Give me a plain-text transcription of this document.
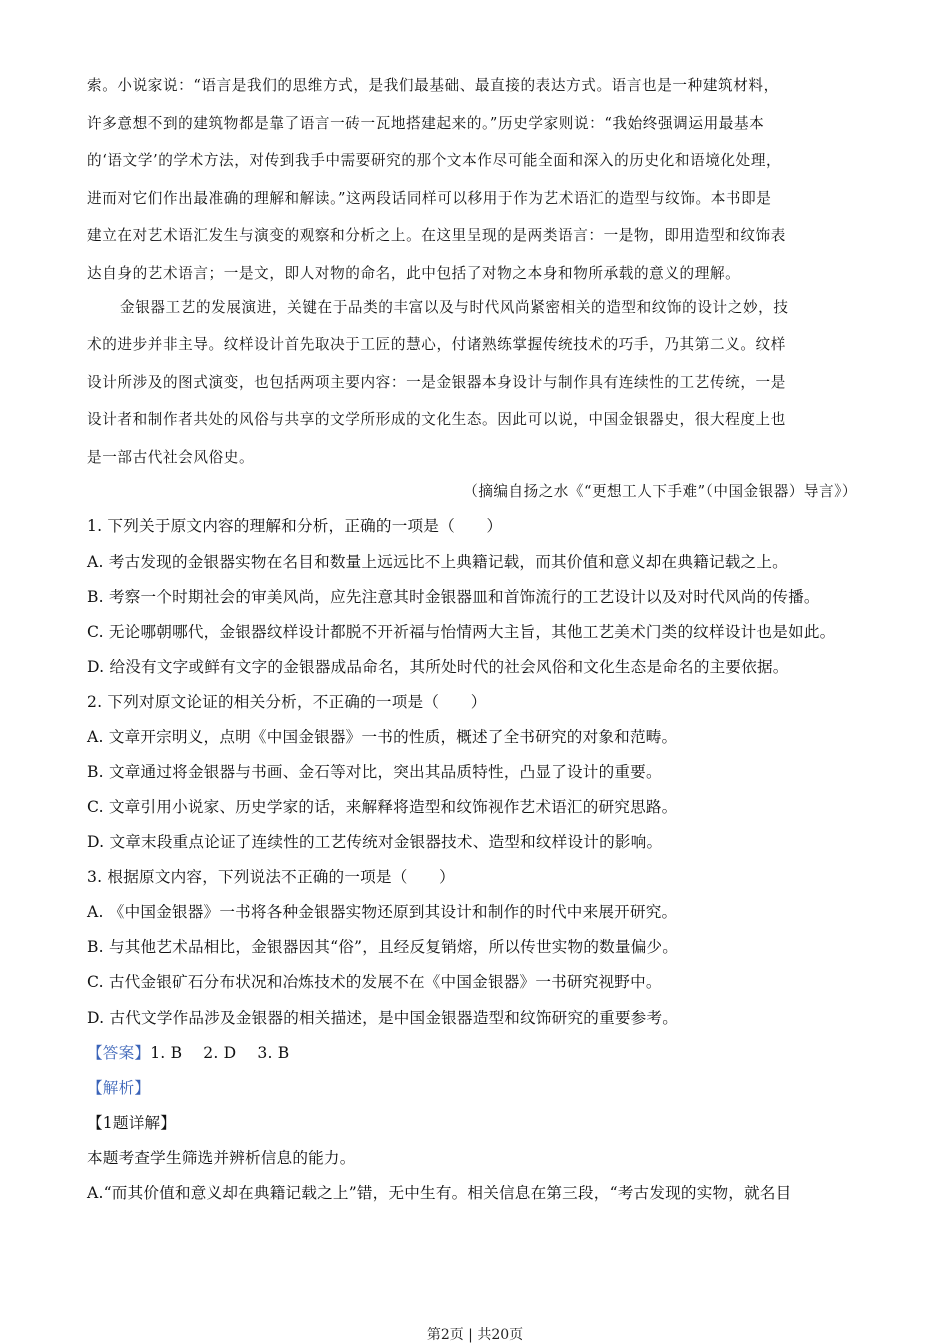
索。小说家说：“语言是我们的思维方式，是我们最基础、最直接的表达方式。语言也是一种建筑材料，
许多意想不到的建筑物都是靠了语言一砖一瓦地搭建起来的。”历史学家则说：“我始终强调运用最基本
的‘语文学’的学术方法，对传到我手中需要研究的那个文本作尽可能全面和深入的历史化和语境化处理，
进而对它们作出最准确的理解和解读。”这两段话同样可以移用于作为艺术语汇的造型与纹饰。本书即是
建立在对艺术语汇发生与演变的观察和分析之上。在这里呈现的是两类语言：一是物，即用造型和纹饰表
达自身的艺术语言；一是文，即人对物的命名，此中包括了对物之本身和物所承载的意义的理解。
金银器工艺的发展演进，关键在于品类的丰富以及与时代风尚紧密相关的造型和纹饰的设计之妙，技
术的进步并非主导。纹样设计首先取决于工匠的慧心，付诸熟练掌握传统技术的巧手，乃其第二义。纹样
设计所涉及的图式演变，也包括两项主要内容：一是金银器本身设计与制作具有连续性的工艺传统，一是
设计者和制作者共处的风俗与共享的文学所形成的文化生态。因此可以说，中国金银器史，很大程度上也
是一部古代社会风俗史。
（摘编自扬之水《“更想工人下手难”（中国金银器）导言》）
1. 下列关于原文内容的理解和分析，正确的一项是（　　）
A. 考古发现的金银器实物在名目和数量上远远比不上典籍记载，而其价值和意义却在典籍记载之上。
B. 考察一个时期社会的审美风尚，应先注意其时金银器皿和首饰流行的工艺设计以及对时代风尚的传播。
C. 无论哪朝哪代，金银器纹样设计都脱不开祈福与怡情两大主旨，其他工艺美术门类的纹样设计也是如此。
D. 给没有文字或鲜有文字的金银器成品命名，其所处时代的社会风俗和文化生态是命名的主要依据。
2. 下列对原文论证的相关分析，不正确的一项是（　　）
A. 文章开宗明义，点明《中国金银器》一书的性质，概述了全书研究的对象和范畴。
B. 文章通过将金银器与书画、金石等对比，突出其品质特性，凸显了设计的重要。
C. 文章引用小说家、历史学家的话，来解释将造型和纹饰视作艺术语汇的研究思路。
D. 文章末段重点论证了连续性的工艺传统对金银器技术、造型和纹样设计的影响。
3. 根据原文内容，下列说法不正确的一项是（　　）
A. 《中国金银器》一书将各种金银器实物还原到其设计和制作的时代中来展开研究。
B. 与其他艺术品相比，金银器因其“俗”，且经反复销熔，所以传世实物的数量偏少。
C. 古代金银矿石分布状况和冶炼技术的发展不在《中国金银器》一书研究视野中。
D. 古代文学作品涉及金银器的相关描述，是中国金银器造型和纹饰研究的重要参考。
【答案】1. B　 2. D　 3. B
【解析】
【1题详解】
本题考查学生筛选并辨析信息的能力。
A.“而其价值和意义却在典籍记载之上”错，无中生有。相关信息在第三段，“考古发现的实物，就名目
第2页 | 共20页
